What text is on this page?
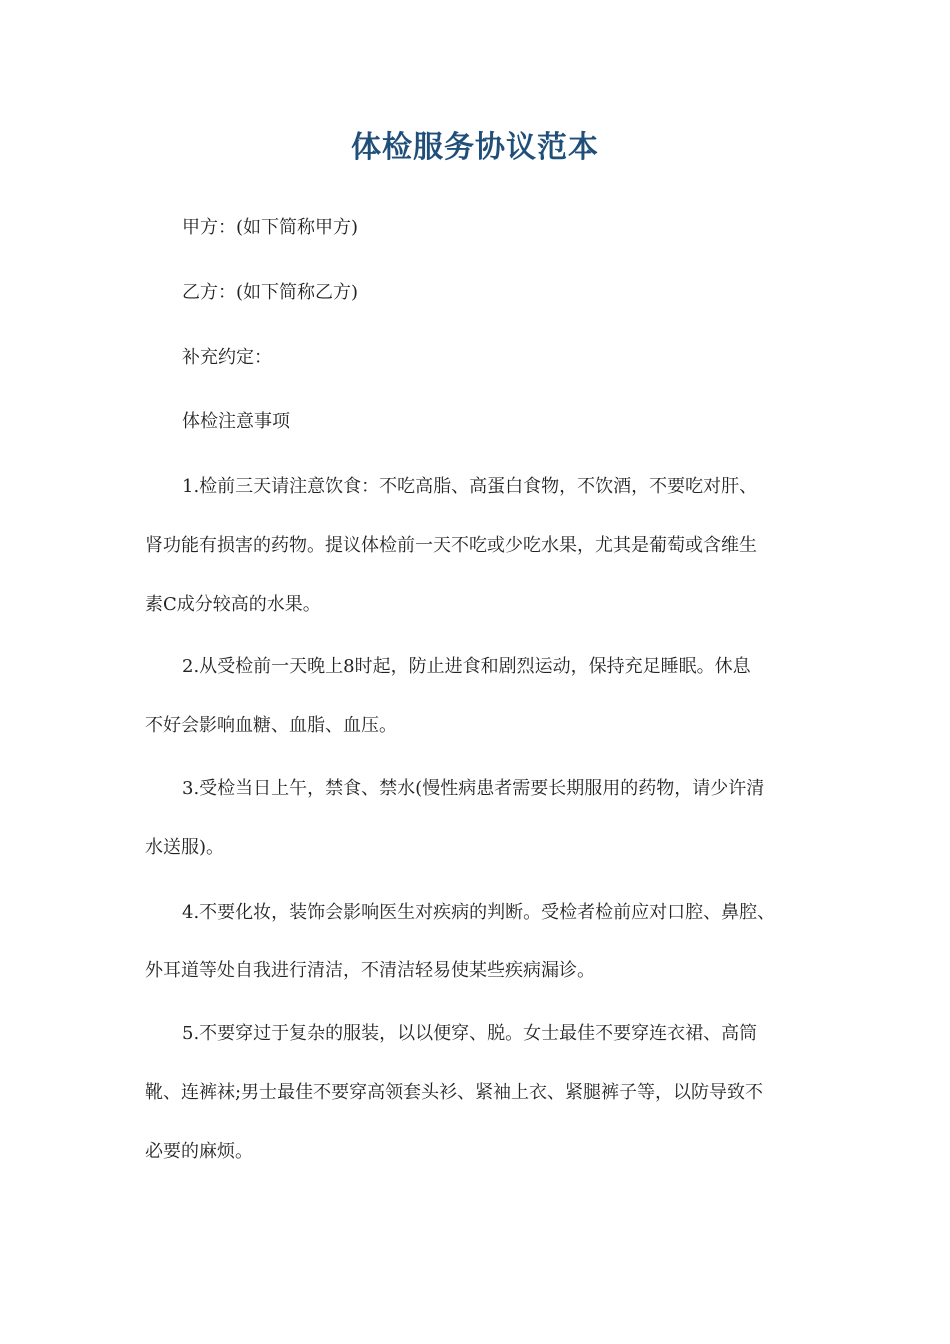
体检服务协议范本
甲方：(如下简称甲方)
乙方：(如下简称乙方)
补充约定：
体检注意事项
1.检前三天请注意饮食：不吃高脂、高蛋白食物，不饮酒，不要吃对肝、
肾功能有损害的药物。提议体检前一天不吃或少吃水果，尤其是葡萄或含维生
素C成分较高的水果。
2.从受检前一天晚上8时起，防止进食和剧烈运动，保持充足睡眠。休息
不好会影响血糖、血脂、血压。
3.受检当日上午，禁食、禁水(慢性病患者需要长期服用的药物，请少许清
水送服)。
4.不要化妆，装饰会影响医生对疾病的判断。受检者检前应对口腔、鼻腔、
外耳道等处自我进行清洁，不清洁轻易使某些疾病漏诊。
5.不要穿过于复杂的服装，以以便穿、脱。女士最佳不要穿连衣裙、高筒
靴、连裤袜;男士最佳不要穿高领套头衫、紧袖上衣、紧腿裤子等，以防导致不
必要的麻烦。
